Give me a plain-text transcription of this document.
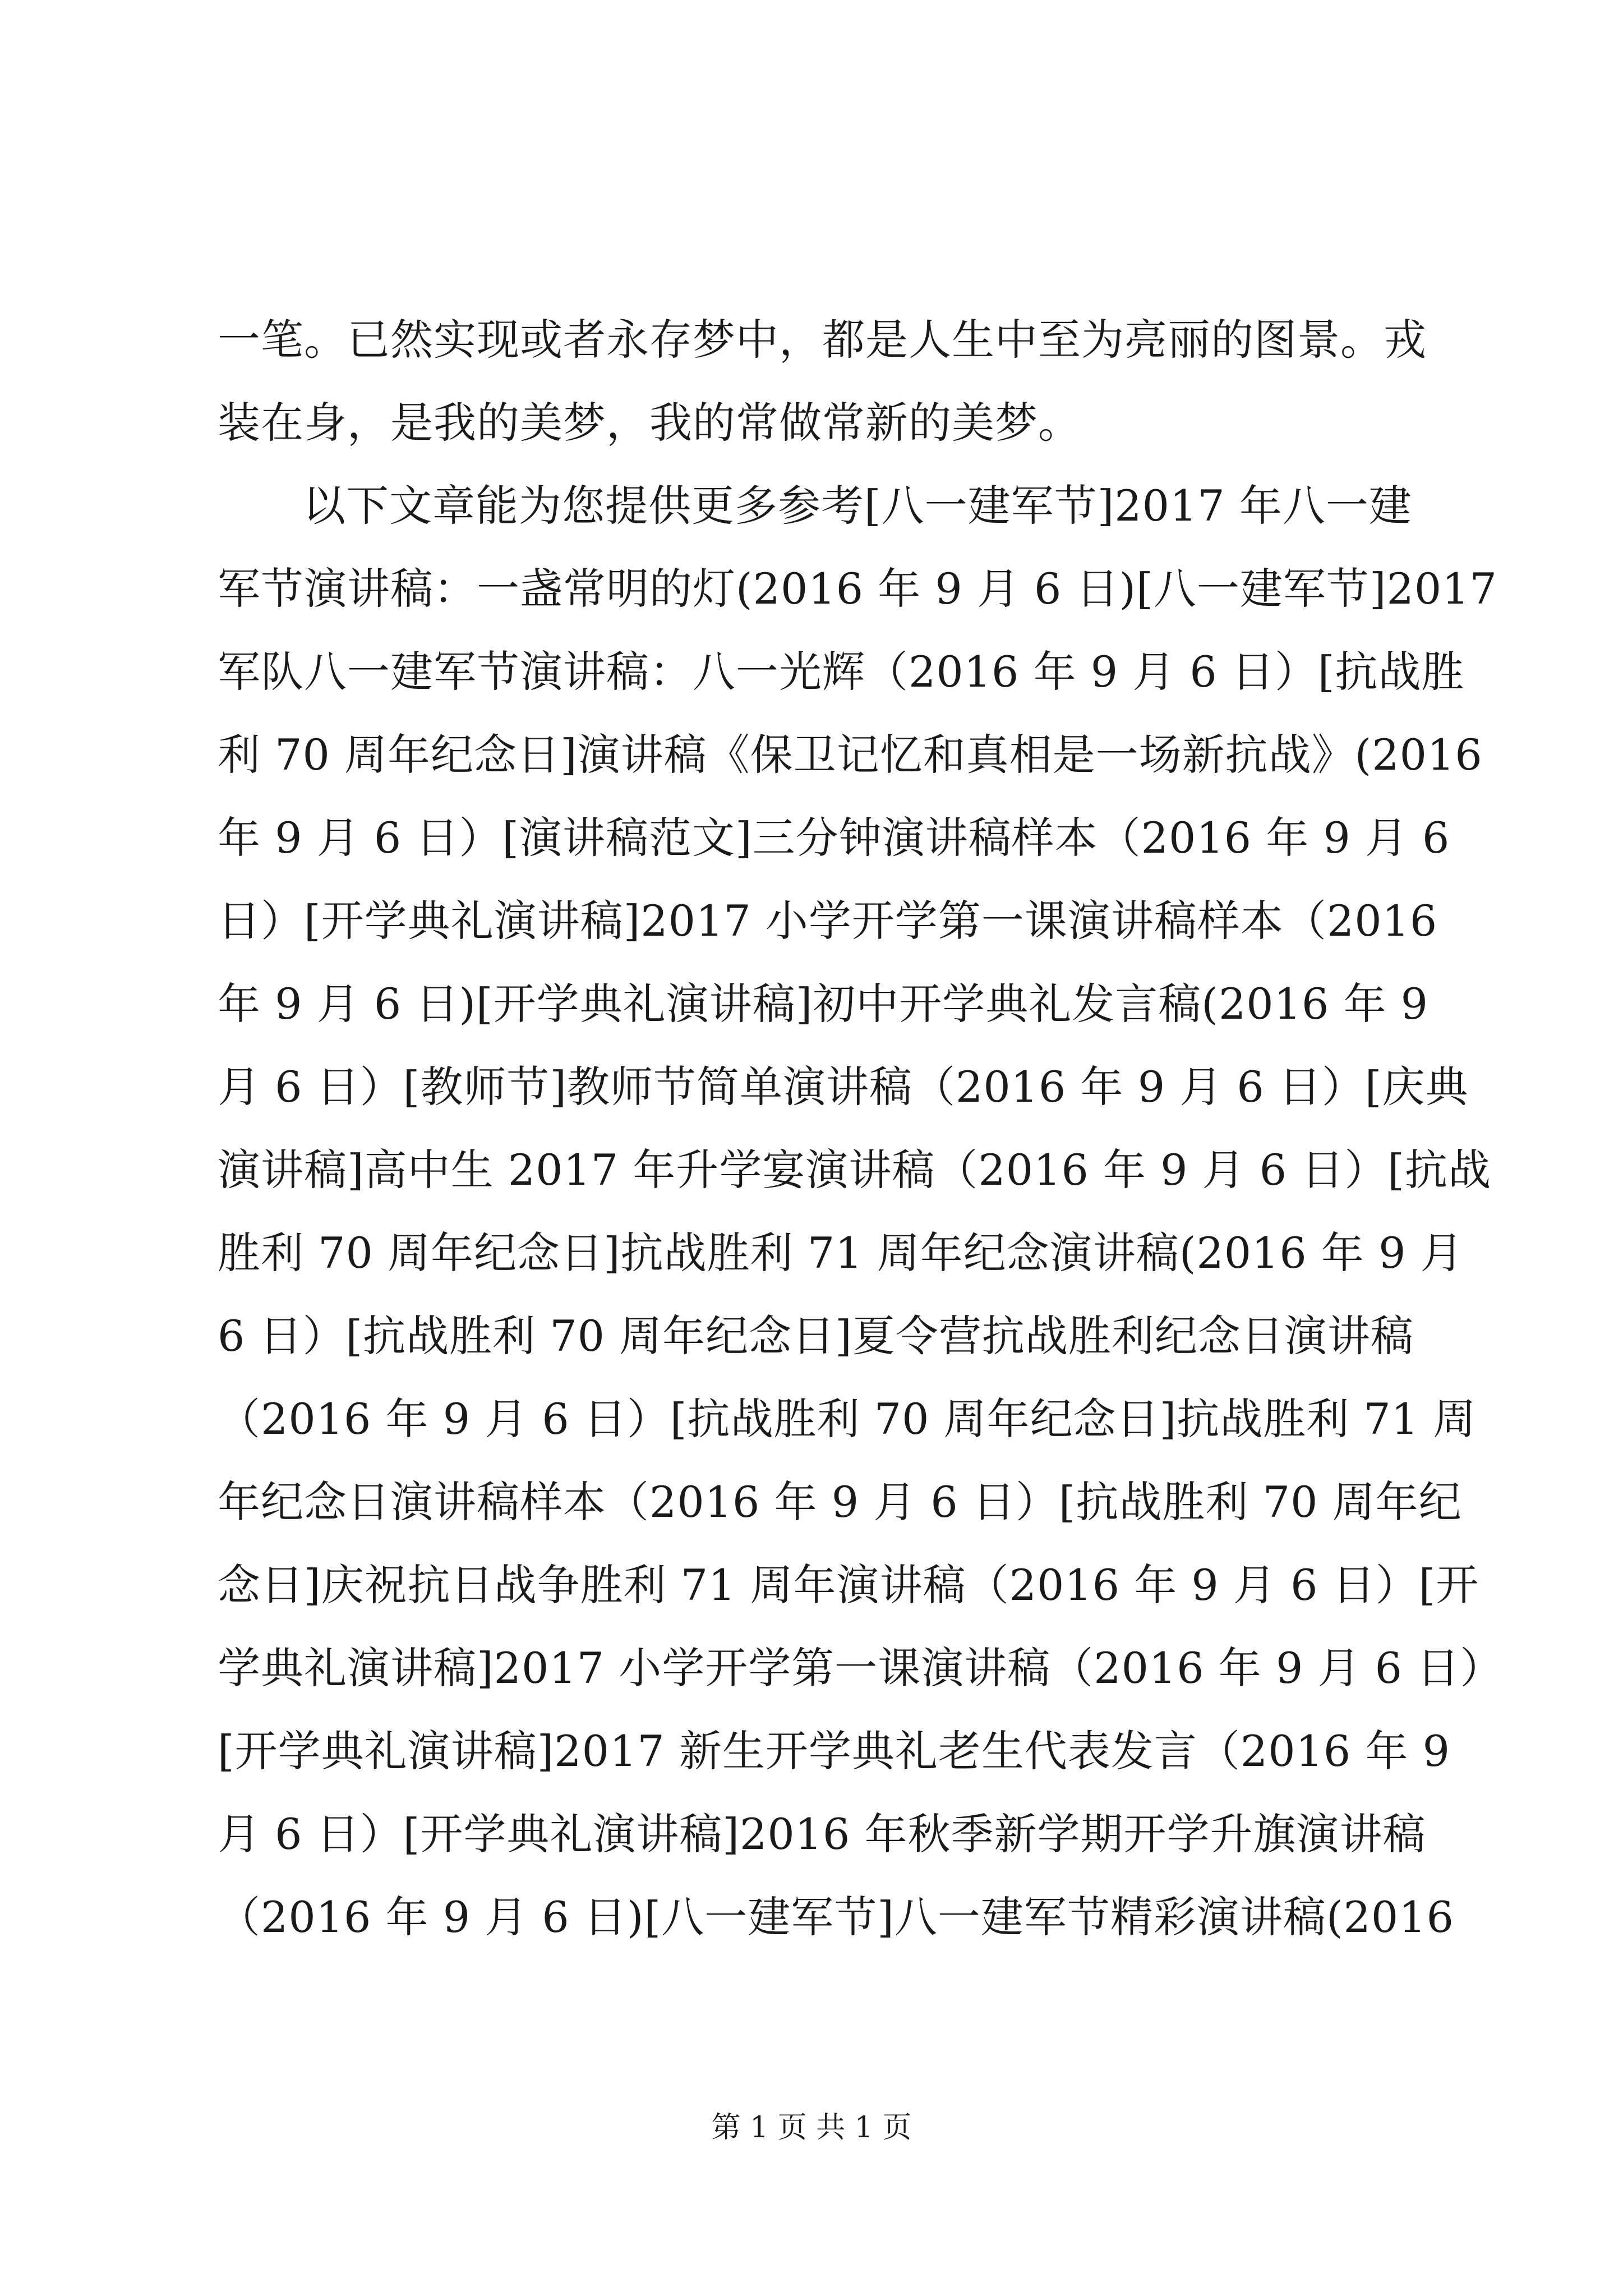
一笔。已然实现或者永存梦中，都是人生中至为亮丽的图景。戎
装在身，是我的美梦，我的常做常新的美梦。
以下文章能为您提供更多参考[八一建军节]2017 年八一建
军节演讲稿：一盏常明的灯(2016 年 9 月 6 日)[八一建军节]2017
军队八一建军节演讲稿：八一光辉（2016 年 9 月 6 日）[抗战胜
利 70 周年纪念日]演讲稿《保卫记忆和真相是一场新抗战》(2016
年 9 月 6 日）[演讲稿范文]三分钟演讲稿样本（2016 年 9 月 6
日）[开学典礼演讲稿]2017 小学开学第一课演讲稿样本（2016
年 9 月 6 日)[开学典礼演讲稿]初中开学典礼发言稿(2016 年 9
月 6 日）[教师节]教师节简单演讲稿（2016 年 9 月 6 日）[庆典
演讲稿]高中生 2017 年升学宴演讲稿（2016 年 9 月 6 日）[抗战
胜利 70 周年纪念日]抗战胜利 71 周年纪念演讲稿(2016 年 9 月
6 日）[抗战胜利 70 周年纪念日]夏令营抗战胜利纪念日演讲稿
（2016 年 9 月 6 日）[抗战胜利 70 周年纪念日]抗战胜利 71 周
年纪念日演讲稿样本（2016 年 9 月 6 日）[抗战胜利 70 周年纪
念日]庆祝抗日战争胜利 71 周年演讲稿（2016 年 9 月 6 日）[开
学典礼演讲稿]2017 小学开学第一课演讲稿（2016 年 9 月 6 日）
[开学典礼演讲稿]2017 新生开学典礼老生代表发言（2016 年 9
月 6 日）[开学典礼演讲稿]2016 年秋季新学期开学升旗演讲稿
（2016 年 9 月 6 日)[八一建军节]八一建军节精彩演讲稿(2016
第 1 页 共 1 页
